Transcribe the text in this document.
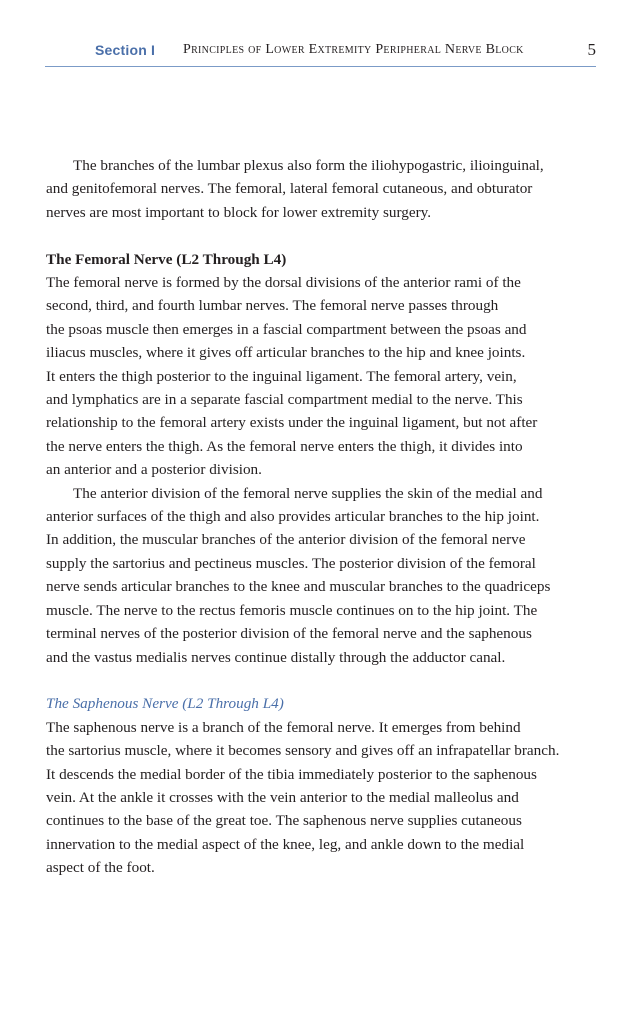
Section I Principles of Lower Extremity Peripheral Nerve Block	5
The branches of the lumbar plexus also form the iliohypogastric, ilioinguinal,
and genitofemoral nerves. The femoral, lateral femoral cutaneous, and obturator
nerves are most important to block for lower extremity surgery.
The Femoral Nerve (L2 Through L4)
The femoral nerve is formed by the dorsal divisions of the anterior rami of the
second, third, and fourth lumbar nerves. The femoral nerve passes through
the psoas muscle then emerges in a fascial compartment between the psoas and
iliacus muscles, where it gives off articular branches to the hip and knee joints.
It enters the thigh posterior to the inguinal ligament. The femoral artery, vein,
and lymphatics are in a separate fascial compartment medial to the nerve. This
relationship to the femoral artery exists under the inguinal ligament, but not after
the nerve enters the thigh. As the femoral nerve enters the thigh, it divides into
an anterior and a posterior division.
The anterior division of the femoral nerve supplies the skin of the medial and
anterior surfaces of the thigh and also provides articular branches to the hip joint.
In addition, the muscular branches of the anterior division of the femoral nerve
supply the sartorius and pectineus muscles. The posterior division of the femoral
nerve sends articular branches to the knee and muscular branches to the quadriceps
muscle. The nerve to the rectus femoris muscle continues on to the hip joint. The
terminal nerves of the posterior division of the femoral nerve and the saphenous
and the vastus medialis nerves continue distally through the adductor canal.
The Saphenous Nerve (L2 Through L4)
The saphenous nerve is a branch of the femoral nerve. It emerges from behind
the sartorius muscle, where it becomes sensory and gives off an infrapatellar branch.
It descends the medial border of the tibia immediately posterior to the saphenous
vein. At the ankle it crosses with the vein anterior to the medial malleolus and
continues to the base of the great toe. The saphenous nerve supplies cutaneous
innervation to the medial aspect of the knee, leg, and ankle down to the medial
aspect of the foot.
